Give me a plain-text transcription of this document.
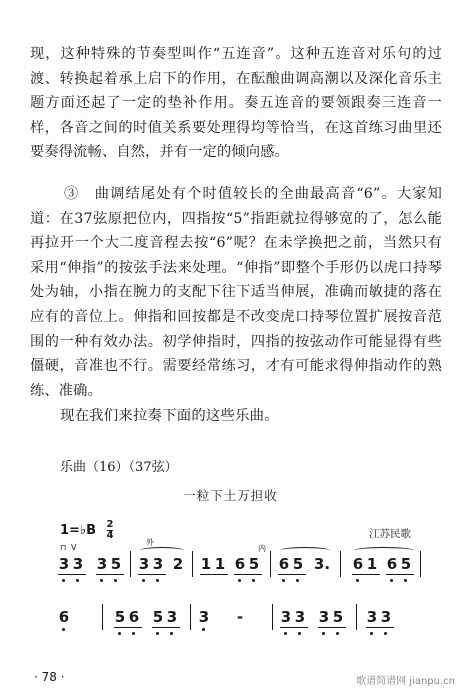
现，这种特殊的节奏型叫作“五连音”。这种五连音对乐句的过渡、转换起着承上启下的作用，在酝酿曲调高潮以及深化音乐主题方面还起了一定的垫补作用。奏五连音的要领跟奏三连音一样，各音之间的时值关系要处理得均等恰当，在这首练习曲里还要奏得流畅、自然，并有一定的倾向感。

③　曲调结尾处有个时值较长的全曲最高音“6”。大家知道：在37弦原把位内，四指按“5”指距就拉得够宽的了，怎么能再拉开一个大二度音程去按“6”呢？在未学换把之前，当然只有采用“伸指”的按弦手法来处理。“伸指”即整个手形仍以虎口持琴处为轴，小指在腕力的支配下往下适当伸展，准确而敏捷的落在应有的音位上。伸指和回按都是不改变虎口持琴位置扩展按音范围的一种有效办法。初学伸指时，四指的按弦动作可能显得有些僵硬，音准也不行。需要经常练习，才有可能求得伸指动作的熟练、准确。

现在我们来拉奏下面的这些乐曲。

乐曲（16）（37弦）
一粒下土万担收
1=♭B $\frac{2}{4}$	江苏民歌
⊓ V
外
内
3 3 3 5 3 3 2 1 1 6 5 6 5 3. 6 1 6 5
6	5 6 5 3 3 -	3 3 3 5 3 3
· 78 ·	歌谱简谱网 jianpu.cn
